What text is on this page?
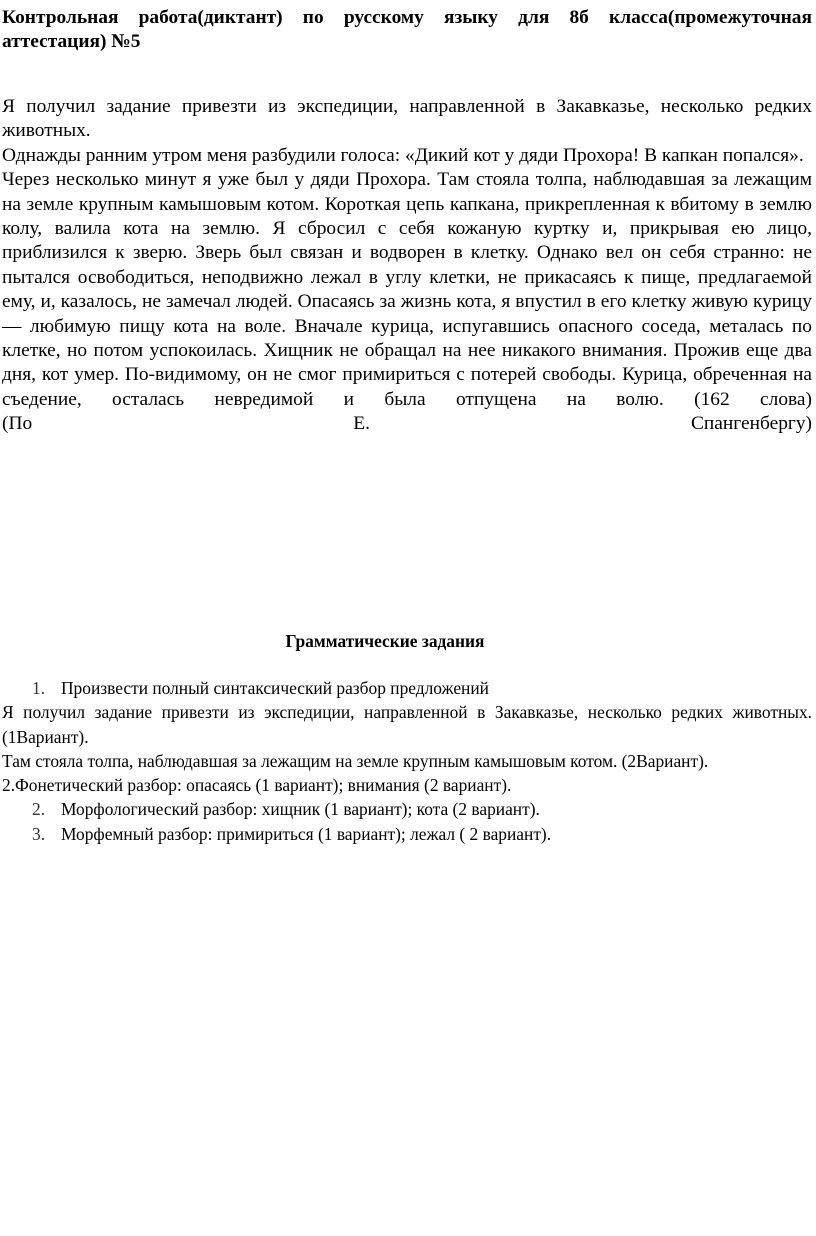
Контрольная работа(диктант) по русскому языку для 8б класса(промежуточная аттестация) №5

Я получил задание привезти из экспедиции, направленной в Закавказье, несколько редких животных.

Однажды ранним утром меня разбудили голоса: «Дикий кот у дяди Прохора! В капкан попался».

Через несколько минут я уже был у дяди Прохора. Там стояла толпа, наблюдавшая за лежащим на земле крупным камышовым котом. Короткая цепь капкана, прикрепленная к вбитому в землю колу, валила кота на землю. Я сбросил с себя кожаную куртку и, прикрывая ею лицо, приблизился к зверю. Зверь был связан и водворен в клетку. Однако вел он себя странно: не пытался освободиться, неподвижно лежал в углу клетки, не прикасаясь к пище, предлагаемой ему, и, казалось, не замечал людей. Опасаясь за жизнь кота, я впустил в его клетку живую курицу — любимую пищу кота на воле. Вначале курица, испугавшись опасного соседа, металась по клетке, но потом успокоилась. Хищник не обращал на нее никакого внимания. Прожив еще два дня, кот умер. По-видимому, он не смог примириться с потерей свободы. Курица, обреченная на съедение, осталась невредимой и была отпущена на волю. (162 слова)

(По Е. Спангенбергу)

Грамматические задания
1. Произвести полный синтаксический разбор предложений

Я получил задание привезти из экспедиции, направленной в Закавказье, несколько редких животных.(1Вариант).

Там стояла толпа, наблюдавшая за лежащим на земле крупным камышовым котом. (2Вариант).

2.Фонетический разбор: опасаясь (1 вариант); внимания (2 вариант).

2. Морфологический разбор: хищник (1 вариант); кота (2 вариант).
3. Морфемный разбор: примириться (1 вариант); лежал ( 2 вариант).
